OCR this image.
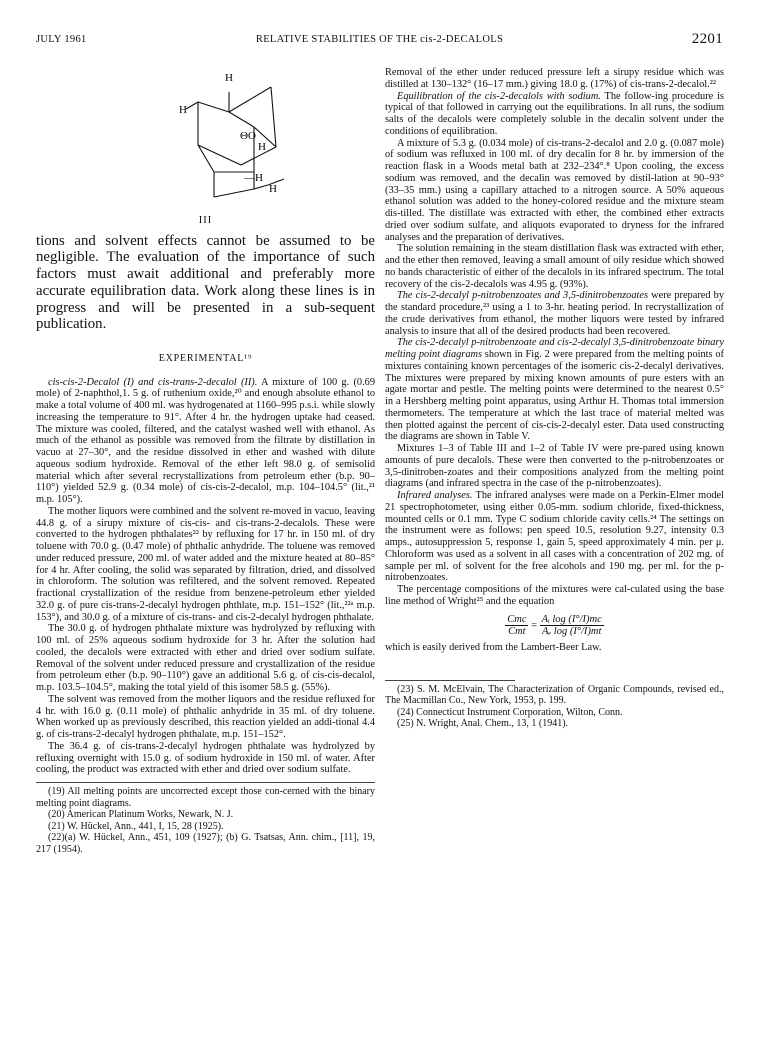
JULY 1961	RELATIVE STABILITIES OF THE cis-2-DECALOLS	2201
H
H
ΘO
H
—H
H
III

tions and solvent effects cannot be assumed to be negligible. The evaluation of the importance of such factors must await additional and preferably more accurate equilibration data. Work along these lines is in progress and will be presented in a sub-sequent publication.

EXPERIMENTAL¹⁹

cis-cis-2-Decalol (I) and cis-trans-2-decalol (II). A mixture of 100 g. (0.69 mole) of 2-naphthol,1. 5 g. of ruthenium oxide,²⁰ and enough absolute ethanol to make a total volume of 400 ml. was hydrogenated at 1160–995 p.s.i. while slowly increasing the temperature to 91°. After 4 hr. the hydrogen uptake had ceased. The mixture was cooled, filtered, and the catalyst washed well with ethanol. As much of the ethanol as possible was removed from the filtrate by distillation in vacuo at 27–30°, and the residue dissolved in ether and washed with dilute aqueous sodium hydroxide. Removal of the ether left 98.0 g. of semisolid material which after several recrystallizations from petroleum ether (b.p. 90–110°) yielded 52.9 g. (0.34 mole) of cis-cis-2-decalol, m.p. 104–104.5° (lit.,²¹ m.p. 105°).

The mother liquors were combined and the solvent re-moved in vacuo, leaving 44.8 g. of a sirupy mixture of cis-cis- and cis-trans-2-decalols. These were converted to the hydrogen phthalates²² by refluxing for 17 hr. in 150 ml. of dry toluene with 70.0 g. (0.47 mole) of phthalic anhydride. The toluene was removed under reduced pressure, 200 ml. of water added and the mixture heated at 80–85° for 4 hr. After cooling, the solid was separated by filtration, dried, and dissolved in chloroform. The solution was refiltered, and the solvent removed. Repeated fractional crystallization of the residue from benzene-petroleum ether yielded 32.0 g. of pure cis-trans-2-decalyl hydrogen phthlate, m.p. 151–152° (lit.,²²ᵃ m.p. 153°), and 30.0 g. of a mixture of cis-trans- and cis-2-decalyl hydrogen phthalate.

The 30.0 g. of hydrogen phthalate mixture was hydrolyzed by refluxing with 100 ml. of 25% aqueous sodium hydroxide for 3 hr. After the solution had cooled, the decalols were extracted with ether and dried over sodium sulfate. Removal of the solvent under reduced pressure and crystallization of the residue from petroleum ether (b.p. 90–110°) gave an additional 5.6 g. of cis-cis-decalol, m.p. 103.5–104.5°, making the total yield of this isomer 58.5 g. (55%).

The solvent was removed from the mother liquors and the residue refluxed for 4 hr. with 16.0 g. (0.11 mole) of phthalic anhydride in 35 ml. of dry toluene. When worked up as previously described, this reaction yielded an addi-tional 4.4 g. of cis-trans-2-decalyl hydrogen phthalate, m.p. 151–152°.

The 36.4 g. of cis-trans-2-decalyl hydrogen phthalate was hydrolyzed by refluxing overnight with 15.0 g. of sodium hydroxide in 150 ml. of water. After cooling, the product was extracted with ether and dried over sodium sulfate.

(19) All melting points are uncorrected except those con-cerned with the binary melting point diagrams.

(20) American Platinum Works, Newark, N. J.

(21) W. Hückel, Ann., 441, I, 15, 28 (1925).

(22)(a) W. Hückel, Ann., 451, 109 (1927); (b) G. Tsatsas, Ann. chim., [11], 19, 217 (1954).

Removal of the ether under reduced pressure left a sirupy residue which was distilled at 130–132° (16–17 mm.) giving 18.0 g. (17%) of cis-trans-2-decalol.²²

Equilibration of the cis-2-decalols with sodium. The follow-ing procedure is typical of that followed in carrying out the equilibrations. In all runs, the sodium salts of the decalols were completely soluble in the decalin solvent under the conditions of equilibration.

A mixture of 5.3 g. (0.034 mole) of cis-trans-2-decalol and 2.0 g. (0.087 mole) of sodium was refluxed in 100 ml. of dry decalin for 8 hr. by immersion of the reaction flask in a Woods metal bath at 232–234°.⁸ Upon cooling, the excess sodium was removed, and the decalin was removed by distil-lation at 90–93° (33–35 mm.) using a capillary attached to a nitrogen source. A 50% aqueous ethanol solution was added to the honey-colored residue and the mixture steam dis-tilled. The distillate was extracted with ether, the combined ether extracts dried over sodium sulfate, and aliquots evaporated to dryness for the infrared analyses and the preparation of derivatives.

The solution remaining in the steam distillation flask was extracted with ether, and the ether then removed, leaving a small amount of oily residue which showed no bands characteristic of either of the decalols in its infrared spectrum. The total recovery of the cis-2-decalols was 4.95 g. (93%).

The cis-2-decalyl p-nitrobenzoates and 3,5-dinitrobenzoates were prepared by the standard procedure,²³ using a 1 to 3-hr. heating period. In recrystallization of the crude derivatives from ethanol, the mother liquors were tested by infrared analysis to insure that all of the desired products had been recovered.

The cis-2-decalyl p-nitrobenzoate and cis-2-decalyl 3,5-dinitrobenzoate binary melting point diagrams shown in Fig. 2 were prepared from the melting points of mixtures containing known percentages of the isomeric cis-2-decalyl derivatives. The mixtures were prepared by mixing known amounts of pure esters with an agate mortar and pestle. The melting points were determined to the nearest 0.5° in a Hershberg melting point apparatus, using Arthur H. Thomas total immersion thermometers. The temperature at which the last trace of material melted was then plotted against the percent of cis-cis-2-decalyl ester. Data used constructing the diagrams are shown in Table V.

Mixtures 1–3 of Table III and 1–2 of Table IV were pre-pared using known amounts of pure decalols. These were then converted to the p-nitrobenzoates or 3,5-dinitroben-zoates and their compositions analyzed from the melting point diagrams (and infrared spectra in the case of the p-nitrobenzoates).

Infrared analyses. The infrared analyses were made on a Perkin-Elmer model 21 spectrophotometer, using either 0.05-mm. sodium chloride, fixed-thickness, mounted cells or 0.1 mm. Type C sodium chloride cavity cells.²⁴ The settings on the instrument were as follows: pen speed 10.5, resolution 9.27, intensity 0.3 amps., autosuppression 5, response 1, gain 5, speed approximately 4 min. per μ. Chloroform was used as a solvent in all cases with a concentration of 202 mg. of sample per ml. of solvent for the free alcohols and 190 mg. per ml. for the p-nitrobenzoates.

The percentage compositions of the mixtures were cal-culated using the base line method of Wright²⁵ and the equation

$\frac{\text{Cmc}}{\text{Cmt}} = \frac{\text{Aᵢ log (I°/I)mc}}{\text{Aₑ log (I°/I)mt}}$

which is easily derived from the Lambert-Beer Law.

(23) S. M. McElvain, The Characterization of Organic Compounds, revised ed., The Macmillan Co., New York, 1953, p. 199.

(24) Connecticut Instrument Corporation, Wilton, Conn.

(25) N. Wright, Anal. Chem., 13, 1 (1941).
